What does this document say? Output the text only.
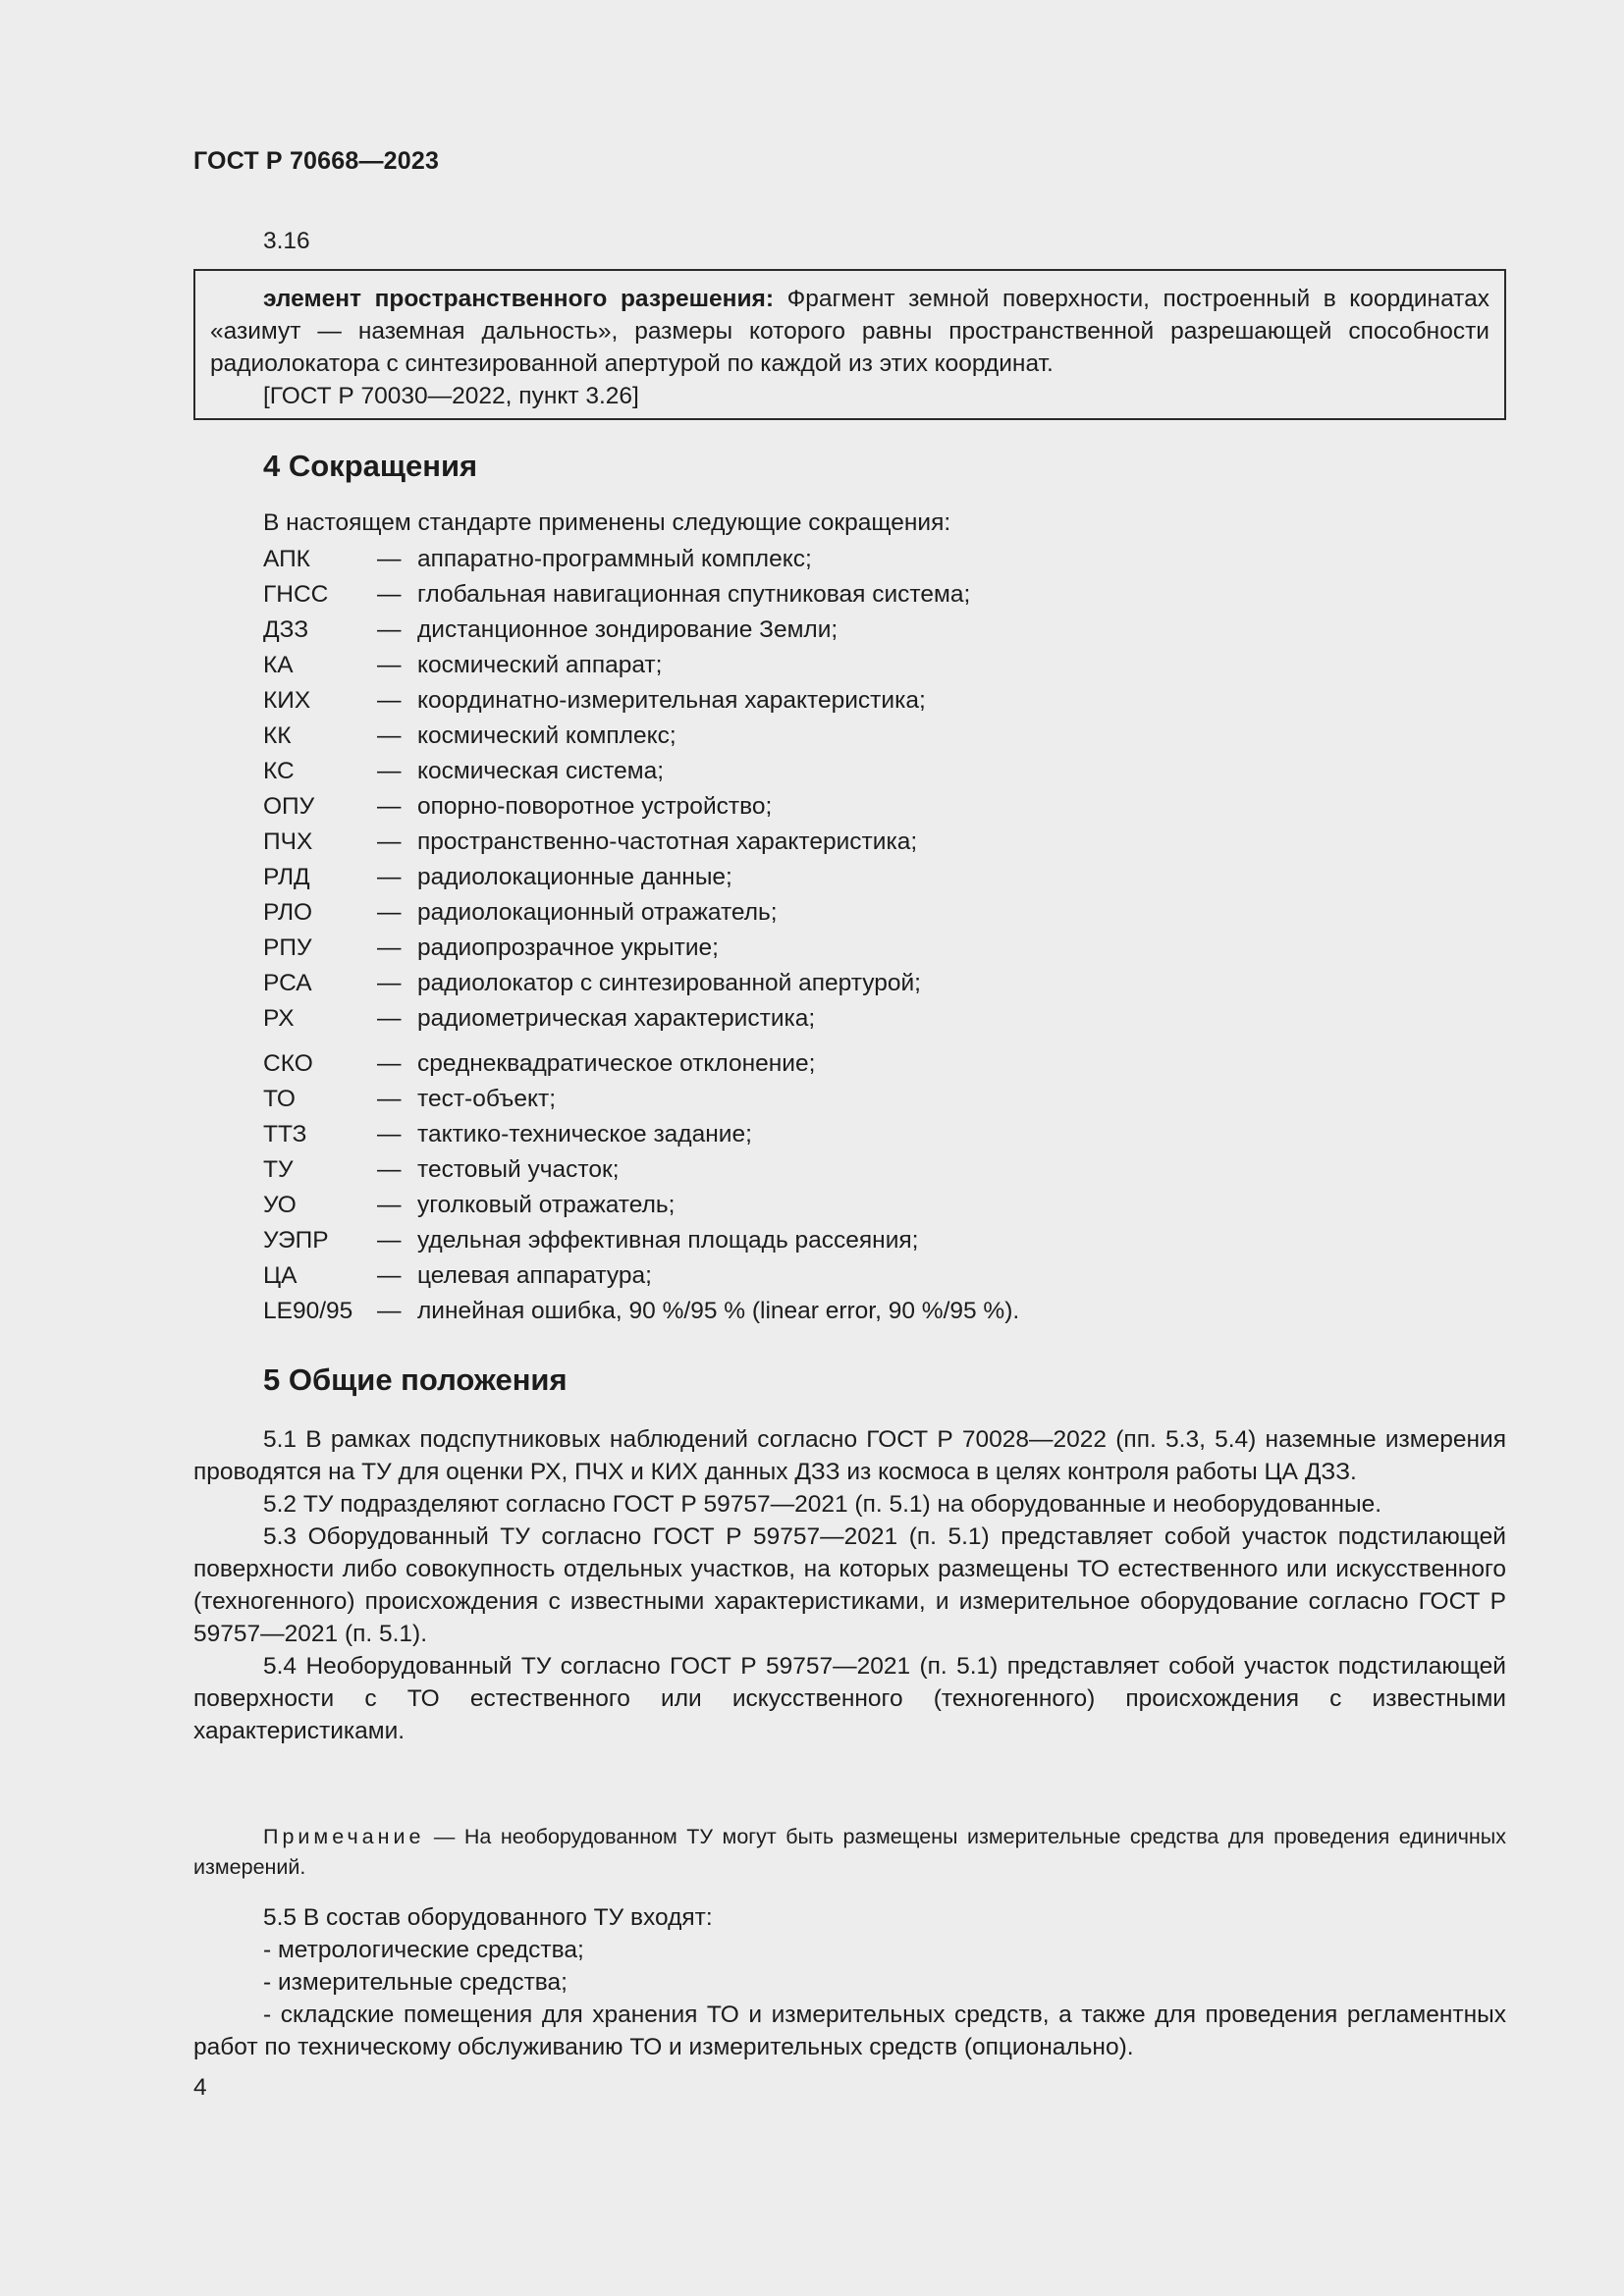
ГОСТ Р 70668—2023
3.16

элемент пространственного разрешения: Фрагмент земной поверхности, построенный в координатах «азимут — наземная дальность», размеры которого равны пространственной разрешающей способности радиолокатора с синтезированной апертурой по каждой из этих координат.

[ГОСТ Р 70030—2022, пункт 3.26]

4 Сокращения
В настоящем стандарте применены следующие сокращения:
АПК	— аппаратно-программный комплекс;
ГНСС — глобальная навигационная спутниковая система;
ДЗЗ	— дистанционное зондирование Земли;
КА	— космический аппарат;
КИХ	— координатно-измерительная характеристика;
КК	— космический комплекс;
КС	— космическая система;
ОПУ	— опорно-поворотное устройство;
ПЧХ	— пространственно-частотная характеристика;
РЛД	— радиолокационные данные;
РЛО	— радиолокационный отражатель;
РПУ	— радиопрозрачное укрытие;
РСА	— радиолокатор с синтезированной апертурой;
РХ	— радиометрическая характеристика;
СКО	— среднеквадратическое отклонение;
ТО	— тест-объект;
ТТЗ	— тактико-техническое задание;
ТУ	— тестовый участок;
УО	— уголковый отражатель;
УЭПР — удельная эффективная площадь рассеяния;
ЦА	— целевая аппаратура;
LE90/95 — линейная ошибка, 90 %/95 % (linear error, 90 %/95 %).
5 Общие положения

5.1 В рамках подспутниковых наблюдений согласно ГОСТ Р 70028—2022 (пп. 5.3, 5.4) наземные измерения проводятся на ТУ для оценки РХ, ПЧХ и КИХ данных ДЗЗ из космоса в целях контроля работы ЦА ДЗЗ.

5.2 ТУ подразделяют согласно ГОСТ Р 59757—2021 (п. 5.1) на оборудованные и необорудованные.

5.3 Оборудованный ТУ согласно ГОСТ Р 59757—2021 (п. 5.1) представляет собой участок подстилающей поверхности либо совокупность отдельных участков, на которых размещены ТО естественного или искусственного (техногенного) происхождения с известными характеристиками, и измерительное оборудование согласно ГОСТ Р 59757—2021 (п. 5.1).

5.4 Необорудованный ТУ согласно ГОСТ Р 59757—2021 (п. 5.1) представляет собой участок подстилающей поверхности с ТО естественного или искусственного (техногенного) происхождения с известными характеристиками.

Примечание — На необорудованном ТУ могут быть размещены измерительные средства для проведения единичных измерений.

5.5 В состав оборудованного ТУ входят:

- метрологические средства;

- измерительные средства;

- складские помещения для хранения ТО и измерительных средств, а также для проведения регламентных работ по техническому обслуживанию ТО и измерительных средств (опционально).

4
